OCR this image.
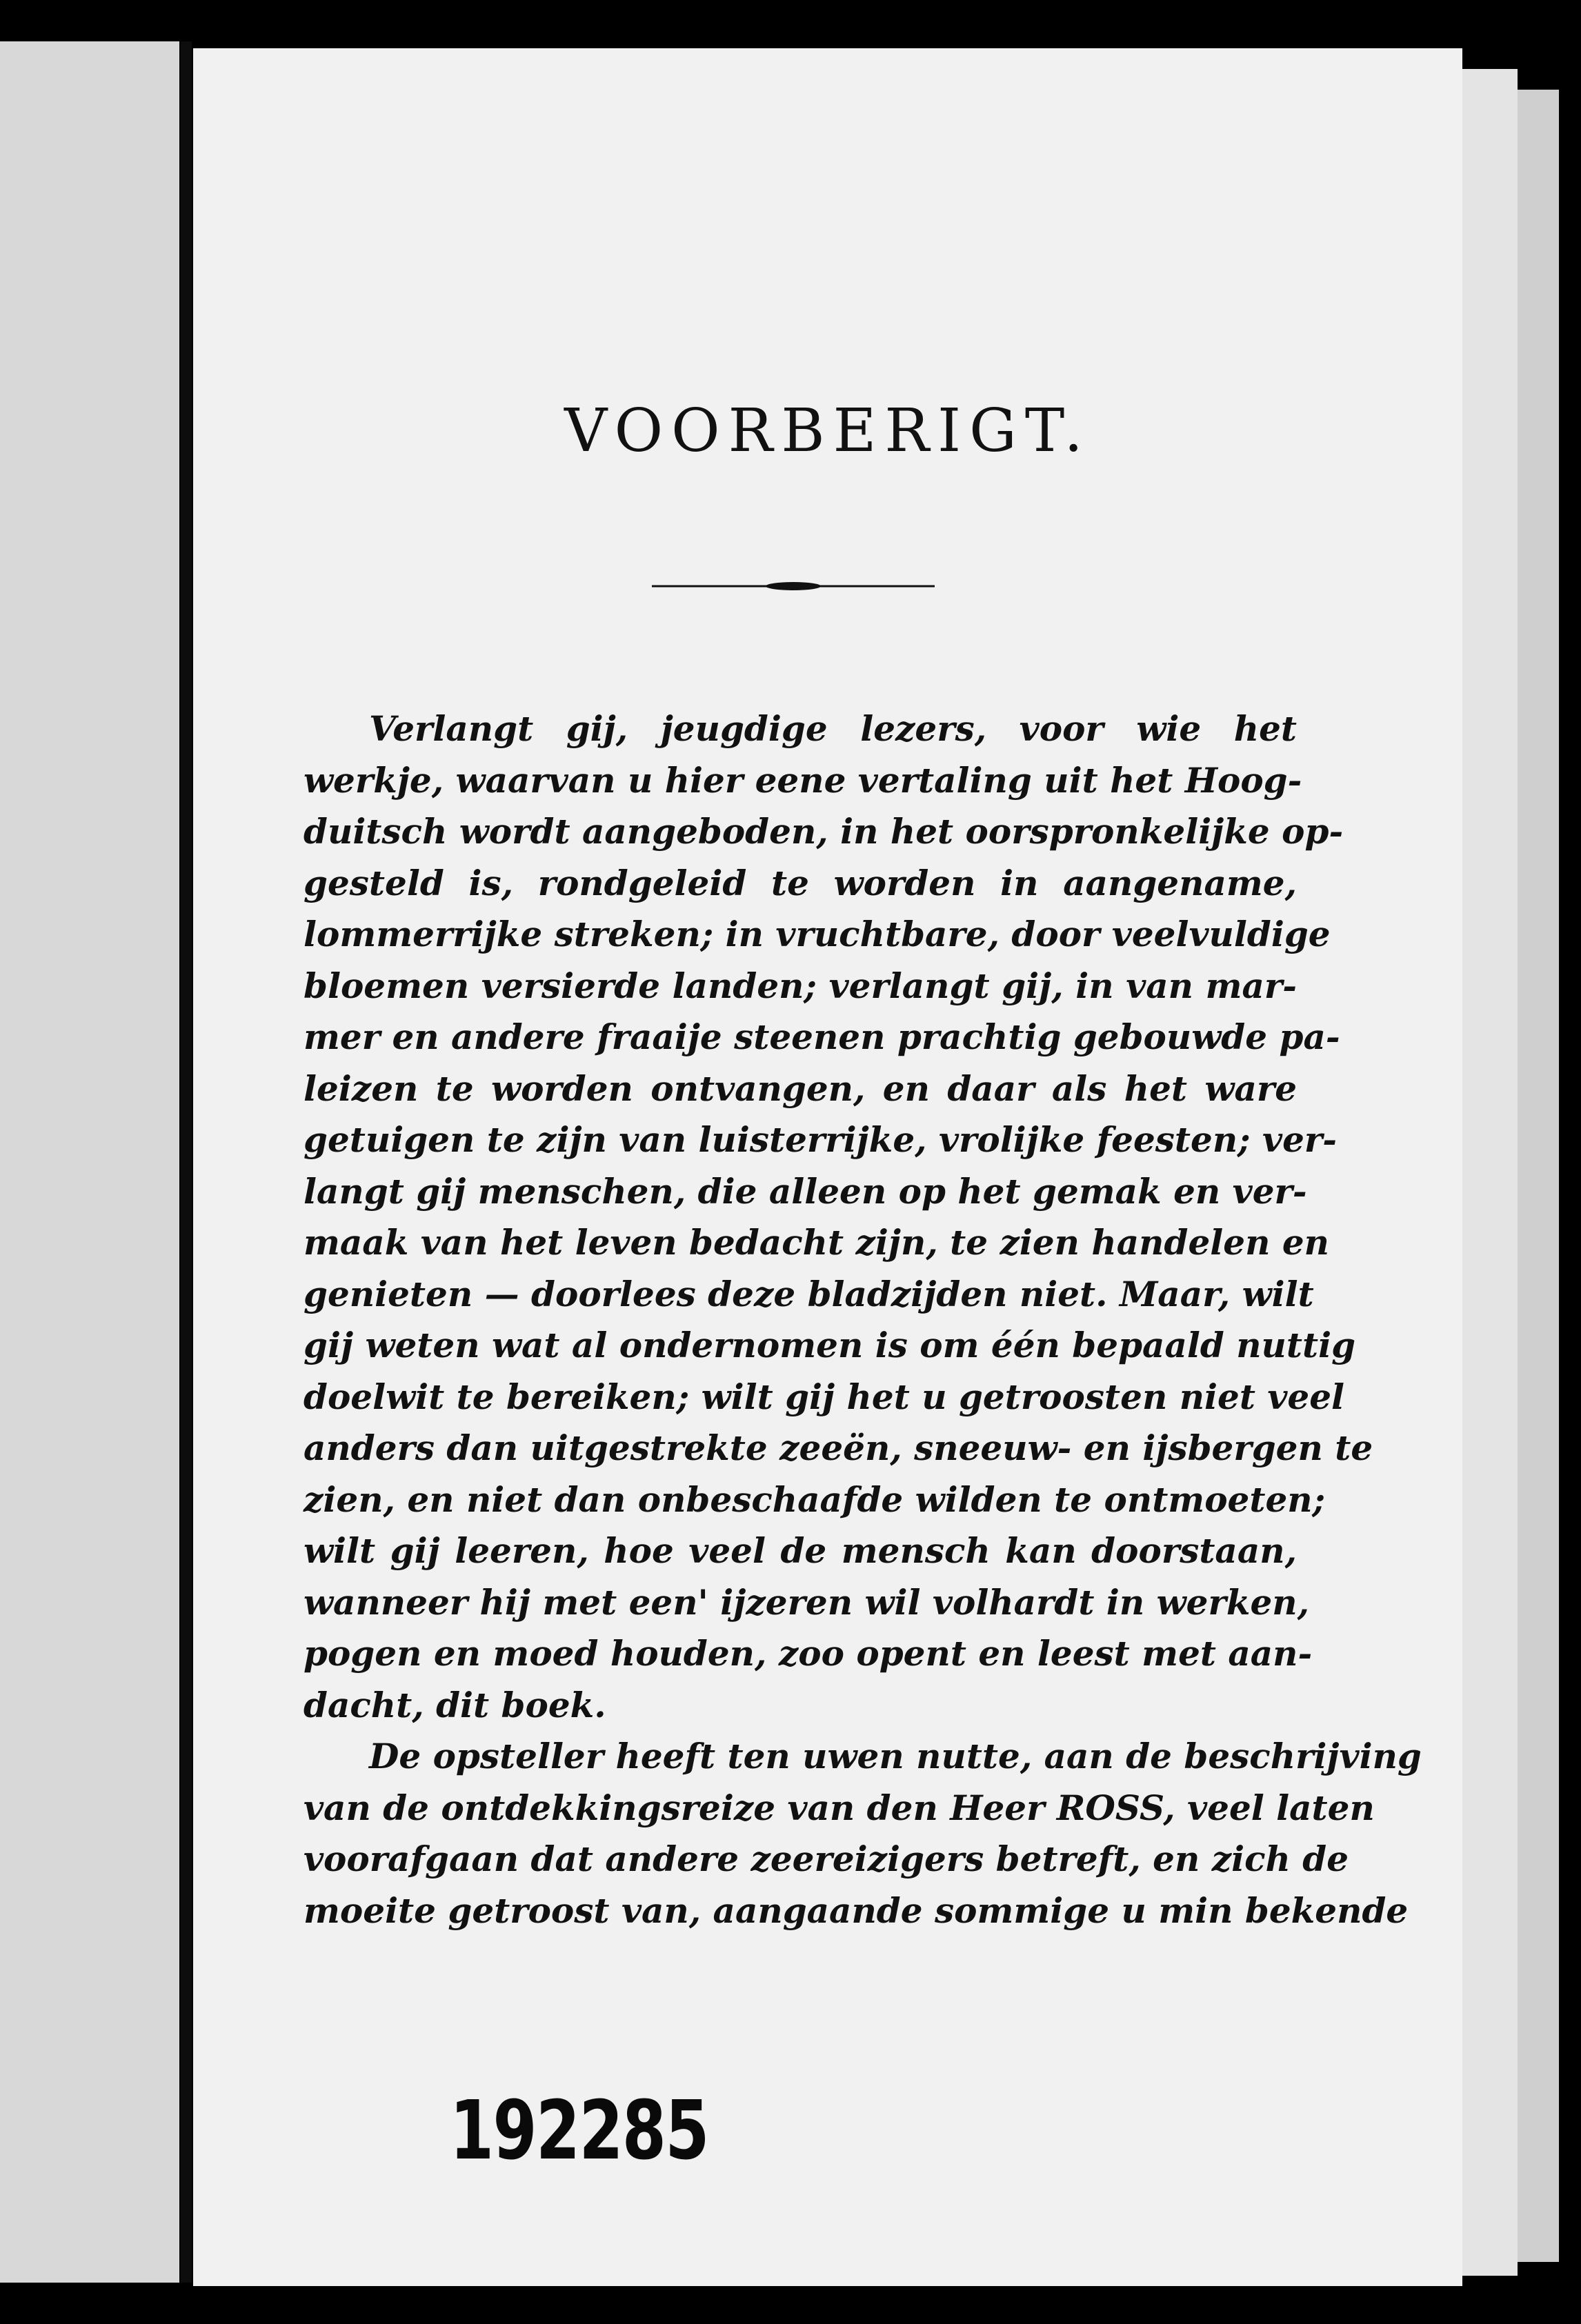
VOORBERIGT.
Verlangt gij, jeugdige lezers, voor wie het
werkje, waarvan u hier eene vertaling uit het Hoog-
duitsch wordt aangeboden, in het oorspronkelijke op-
gesteld is, rondgeleid te worden in aangename,
lommerrijke streken; in vruchtbare, door veelvuldige
bloemen versierde landen; verlangt gij, in van mar-
mer en andere fraaije steenen prachtig gebouwde pa-
leizen te worden ontvangen, en daar als het ware
getuigen te zijn van luisterrijke, vrolijke feesten; ver-
langt gij menschen, die alleen op het gemak en ver-
maak van het leven bedacht zijn, te zien handelen en
genieten — doorlees deze bladzijden niet. Maar, wilt
gij weten wat al ondernomen is om één bepaald nuttig
doelwit te bereiken; wilt gij het u getroosten niet veel
anders dan uitgestrekte zeeën, sneeuw- en ijsbergen te
zien, en niet dan onbeschaafde wilden te ontmoeten;
wilt gij leeren, hoe veel de mensch kan doorstaan,
wanneer hij met een' ijzeren wil volhardt in werken,
pogen en moed houden, zoo opent en leest met aan-
dacht, dit boek.
De opsteller heeft ten uwen nutte, aan de beschrijving
van de ontdekkingsreize van den Heer ROSS, veel laten
voorafgaan dat andere zeereizigers betreft, en zich de
moeite getroost van, aangaande sommige u min bekende
192285
